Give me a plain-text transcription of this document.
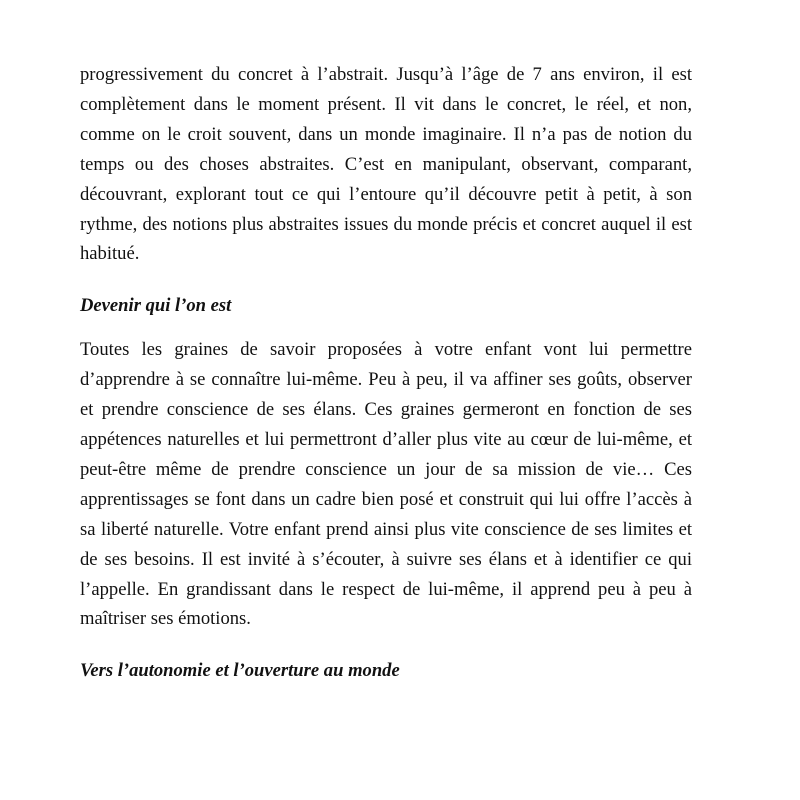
progressivement du concret à l’abstrait. Jusqu’à l’âge de 7 ans environ, il est complètement dans le moment présent. Il vit dans le concret, le réel, et non, comme on le croit souvent, dans un monde imaginaire. Il n’a pas de notion du temps ou des choses abstraites. C’est en manipulant, observant, comparant, découvrant, explorant tout ce qui l’entoure qu’il découvre petit à petit, à son rythme, des notions plus abstraites issues du monde précis et concret auquel il est habitué.

Devenir qui l’on est

Toutes les graines de savoir proposées à votre enfant vont lui permettre d’apprendre à se connaître lui-même. Peu à peu, il va affiner ses goûts, observer et prendre conscience de ses élans. Ces graines germeront en fonction de ses appétences naturelles et lui permettront d’aller plus vite au cœur de lui-même, et peut-être même de prendre conscience un jour de sa mission de vie… Ces apprentissages se font dans un cadre bien posé et construit qui lui offre l’accès à sa liberté naturelle. Votre enfant prend ainsi plus vite conscience de ses limites et de ses besoins. Il est invité à s’écouter, à suivre ses élans et à identifier ce qui l’appelle. En grandissant dans le respect de lui-même, il apprend peu à peu à maîtriser ses émotions.

Vers l’autonomie et l’ouverture au monde
